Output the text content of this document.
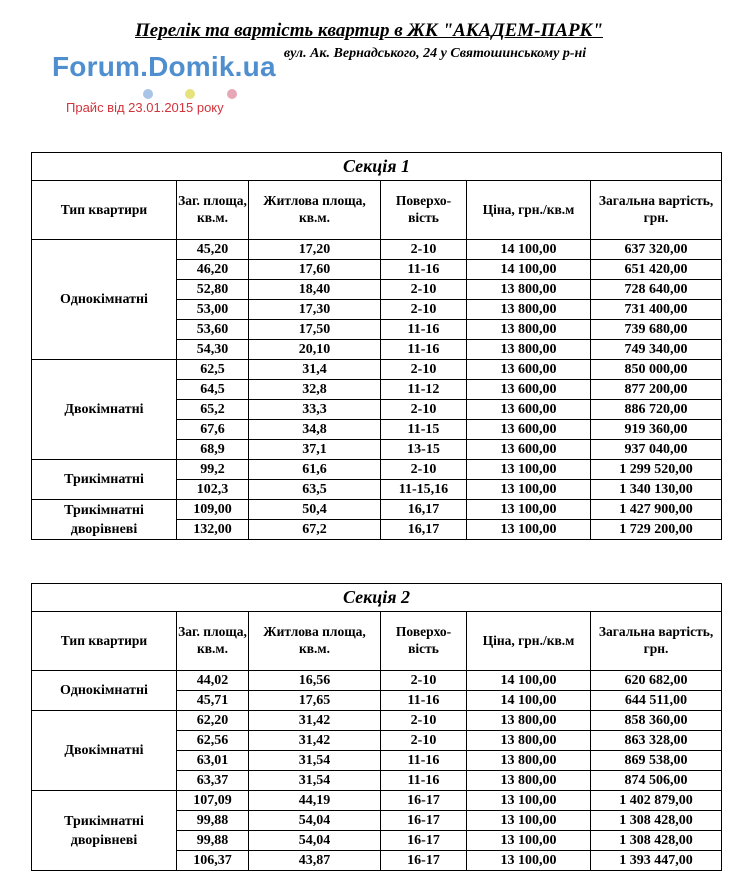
Перелік та вартість квартир в ЖК "АКАДЕМ-ПАРК"
вул. Ак. Вернадського, 24 у Святошинському р-ні
Forum.Domik.ua
Прайс від 23.01.2015 року
Секція 1					
Тип квартири	Заг. площа, кв.м.	Житлова площа, кв.м.	Поверхо- вість	Ціна, грн./кв.м	Загальна вартість, грн.
Однокімнатні	45,20	17,20	2-10	14 100,00	637 320,00
	46,20	17,60	11-16	14 100,00	651 420,00
	52,80	18,40	2-10	13 800,00	728 640,00
	53,00	17,30	2-10	13 800,00	731 400,00
	53,60	17,50	11-16	13 800,00	739 680,00
	54,30	20,10	11-16	13 800,00	749 340,00
Двокімнатні	62,5	31,4	2-10	13 600,00	850 000,00
	64,5	32,8	11-12	13 600,00	877 200,00
	65,2	33,3	2-10	13 600,00	886 720,00
	67,6	34,8	11-15	13 600,00	919 360,00
	68,9	37,1	13-15	13 600,00	937 040,00
Трикімнатні	99,2	61,6	2-10	13 100,00	1 299 520,00
	102,3	63,5	11-15,16	13 100,00	1 340 130,00
Трикімнатні дворівневі	109,00	50,4	16,17	13 100,00	1 427 900,00
	132,00	67,2	16,17	13 100,00	1 729 200,00
Секція 2					
Тип квартири	Заг. площа, кв.м.	Житлова площа, кв.м.	Поверхо- вість	Ціна, грн./кв.м	Загальна вартість, грн.
Однокімнатні	44,02	16,56	2-10	14 100,00	620 682,00
	45,71	17,65	11-16	14 100,00	644 511,00
Двокімнатні	62,20	31,42	2-10	13 800,00	858 360,00
	62,56	31,42	2-10	13 800,00	863 328,00
	63,01	31,54	11-16	13 800,00	869 538,00
	63,37	31,54	11-16	13 800,00	874 506,00
Трикімнатні дворівневі	107,09	44,19	16-17	13 100,00	1 402 879,00
	99,88	54,04	16-17	13 100,00	1 308 428,00
	99,88	54,04	16-17	13 100,00	1 308 428,00
	106,37	43,87	16-17	13 100,00	1 393 447,00
